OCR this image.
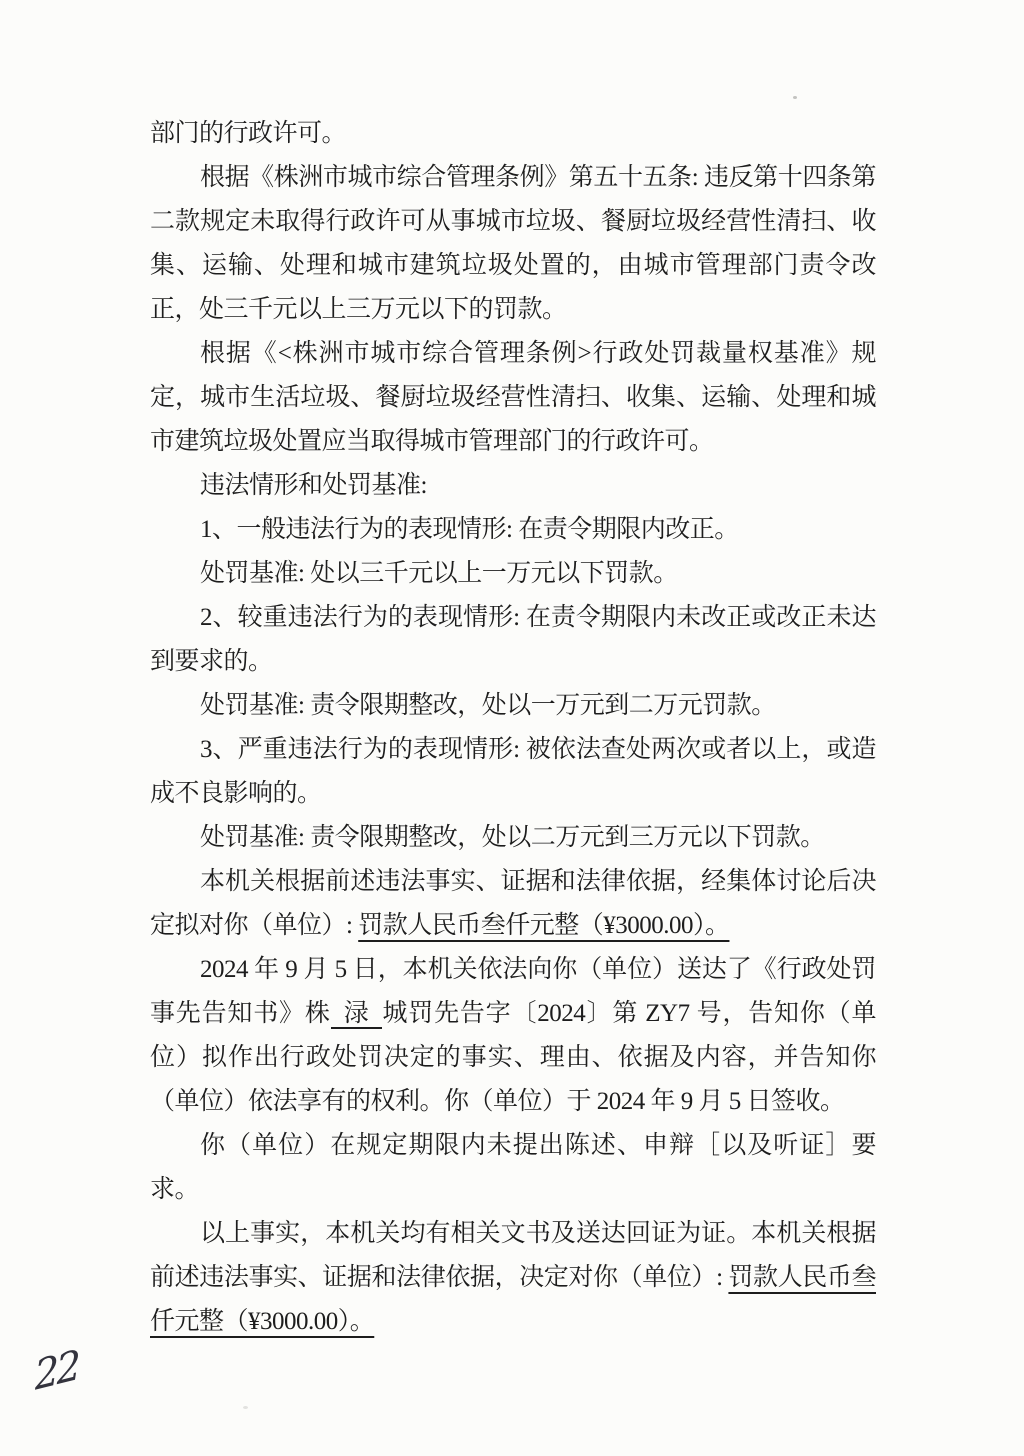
部门的行政许可。

根据《株洲市城市综合管理条例》第五十五条: 违反第十四条第二款规定未取得行政许可从事城市垃圾、餐厨垃圾经营性清扫、收集、运输、处理和城市建筑垃圾处置的，由城市管理部门责令改正，处三千元以上三万元以下的罚款。

根据《<株洲市城市综合管理条例>行政处罚裁量权基准》规定，城市生活垃圾、餐厨垃圾经营性清扫、收集、运输、处理和城市建筑垃圾处置应当取得城市管理部门的行政许可。

违法情形和处罚基准:

1、一般违法行为的表现情形: 在责令期限内改正。

处罚基准: 处以三千元以上一万元以下罚款。

2、较重违法行为的表现情形: 在责令期限内未改正或改正未达到要求的。

处罚基准: 责令限期整改，处以一万元到二万元罚款。

3、严重违法行为的表现情形: 被依法查处两次或者以上，或造成不良影响的。

处罚基准: 责令限期整改，处以二万元到三万元以下罚款。

本机关根据前述违法事实、证据和法律依据，经集体讨论后决定拟对你（单位）: 罚款人民币叁仟元整（¥3000.00）。

2024 年 9 月 5 日，本机关依法向你（单位）送达了《行政处罚事先告知书》株 渌 城罚先告字〔2024〕第 ZY7 号，告知你（单位）拟作出行政处罚决定的事实、理由、依据及内容，并告知你（单位）依法享有的权利。你（单位）于 2024 年 9 月 5 日签收。

你（单位）在规定期限内未提出陈述、申辩［以及听证］要求。

以上事实，本机关均有相关文书及送达回证为证。本机关根据前述违法事实、证据和法律依据，决定对你（单位）: 罚款人民币叁仟元整（¥3000.00）。

22
